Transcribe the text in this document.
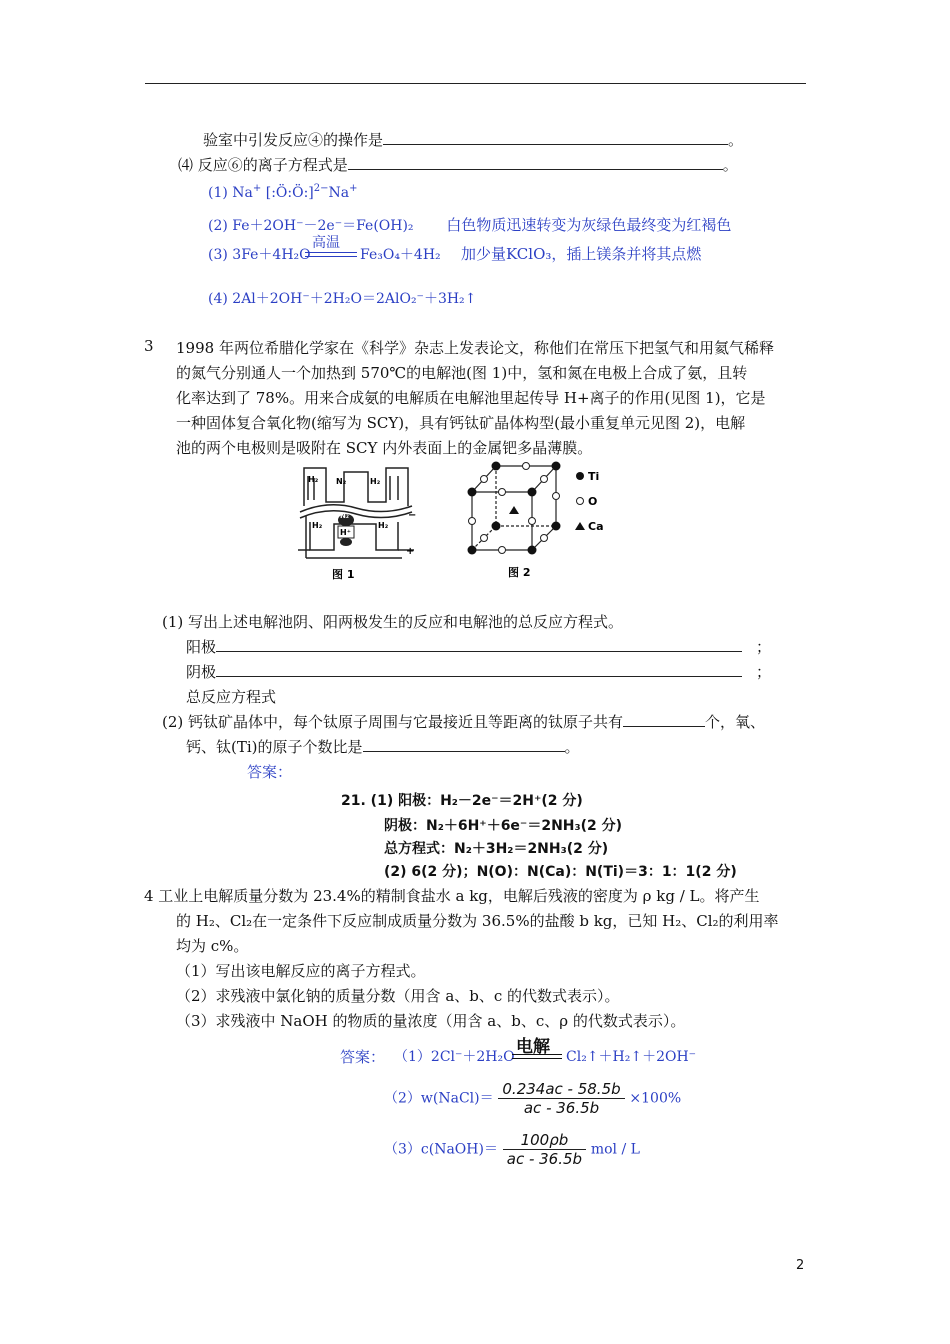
验室中引发反应④的操作是	。
⑷ 反应⑥的离子方程式是	。
(1) Na+ [:Ö:Ö:]$^{2-}$Na+
(2) Fe＋2OH⁻－2e⁻＝Fe(OH)₂ 白色物质迅速转变为灰绿色最终变为红褐色
(3) 3Fe＋4H₂O
高温
Fe₃O₄＋4H₂ 加少量KClO₃，插上镁条并将其点燃
(4) 2Al＋2OH⁻＋2H₂O＝2AlO₂⁻＋3H₂↑
3 1998 年两位希腊化学家在《科学》杂志上发表论文，称他们在常压下把氢气和用氦气稀释
的氮气分别通人一个加热到 570℃的电解池(图 1)中，氢和氮在电极上合成了氨，且转
化率达到了 78%。用来合成氨的电解质在电解池里起传导 H+离子的作用(见图 1)，它是
一种固体复合氧化物(缩写为 SCY)，具有钙钛矿晶体构型(最小重复单元见图 2)，电解
池的两个电极则是吸附在 SCY 内外表面上的金属钯多晶薄膜。
H₂ N₂	H₂
N₂
H⁺
H₂	H₂
−
+
图 1
Ti
O
Ca
图 2
(1) 写出上述电解池阴、阳两极发生的反应和电解池的总反应方程式。
阳极	；
阴极	；
总反应方程式
(2) 钙钛矿晶体中，每个钛原子周围与它最接近且等距离的钛原子共有	个，氧、
钙、钛(Ti)的原子个数比是	。
答案：
21. (1) 阳极：H₂－2e⁻＝2H⁺(2 分)
阴极：N₂＋6H⁺＋6e⁻＝2NH₃(2 分)
总方程式：N₂＋3H₂＝2NH₃(2 分)
(2) 6(2 分)；N(O)：N(Ca)：N(Ti)＝3：1：1(2 分)
4 工业上电解质量分数为 23.4%的精制食盐水 a kg，电解后残液的密度为 ρ kg / L。将产生
的 H₂、Cl₂在一定条件下反应制成质量分数为 36.5%的盐酸 b kg，已知 H₂、Cl₂的利用率
均为 c%。
（1）写出该电解反应的离子方程式。
（2）求残液中氯化钠的质量分数（用含 a、b、c 的代数式表示）。
（3）求残液中 NaOH 的物质的量浓度（用含 a、b、c、ρ 的代数式表示）。
答案： （1）2Cl⁻＋2H₂O 电解 Cl₂↑＋H₂↑＋2OH⁻
（2）w(NaCl)＝ $\frac{0.234ac - 58.5b}{ac - 36.5b} \times 100\%$
（3）c(NaOH)＝ $\frac{100\rho b}{ac - 36.5b}$ mol / L
2
